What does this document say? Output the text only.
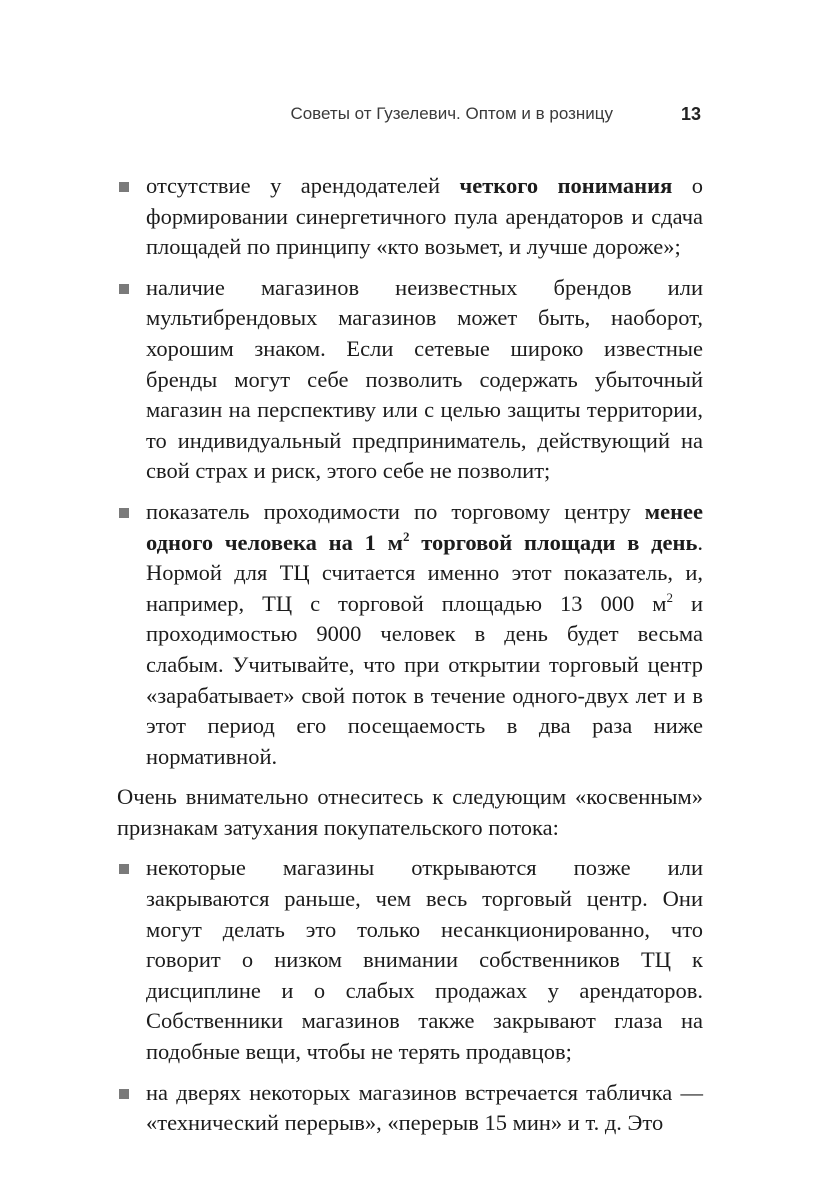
Советы от Гузелевич. Оптом и в розницу	13
отсутствие у арендодателей четкого понимания о формировании синергетичного пула арендаторов и сдача площадей по принципу «кто возьмет, и лучше дороже»;
наличие магазинов неизвестных брендов или мультибрендовых магазинов может быть, наоборот, хорошим знаком. Если сетевые широко известные бренды могут себе позволить содержать убыточный магазин на перспективу или с целью защиты территории, то индивидуальный предприниматель, действующий на свой страх и риск, этого себе не позволит;
показатель проходимости по торговому центру менее одного человека на 1 $м^2$ торговой площади в день. Нормой для ТЦ считается именно этот показатель, и, например, ТЦ с торговой площадью 13 000 $м^2$ и проходимостью 9000 человек в день будет весьма слабым. Учитывайте, что при открытии торговый центр «зарабатывает» свой поток в течение одного-двух лет и в этот период его посещаемость в два раза ниже нормативной.

Очень внимательно отнеситесь к следующим «косвенным» признакам затухания покупательского потока:

некоторые магазины открываются позже или закрываются раньше, чем весь торговый центр. Они могут делать это только несанкционированно, что говорит о низком внимании собственников ТЦ к дисциплине и о слабых продажах у арендаторов. Собственники магазинов также закрывают глаза на подобные вещи, чтобы не терять продавцов;
на дверях некоторых магазинов встречается табличка — «технический перерыв», «перерыв 15 мин» и т. д. Это
